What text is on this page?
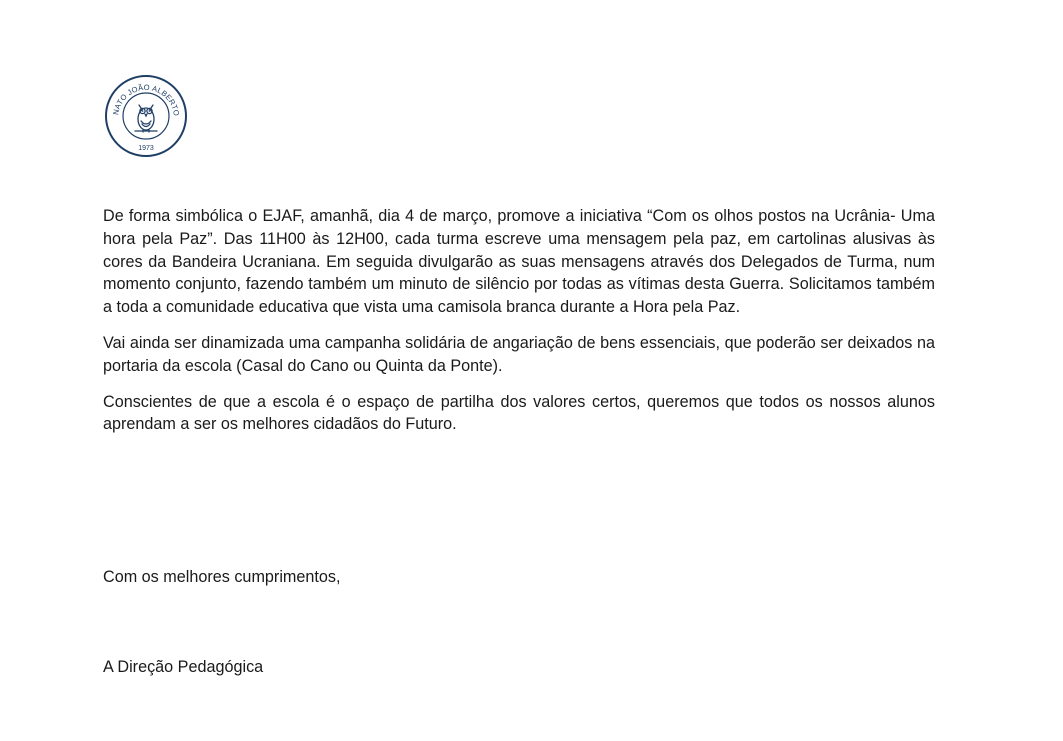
NATO JOÃO ALBERTO
1973

De forma simbólica o EJAF, amanhã, dia 4 de março, promove a iniciativa “Com os olhos postos na Ucrânia- Uma hora pela Paz”. Das 11H00 às 12H00, cada turma escreve uma mensagem pela paz, em cartolinas alusivas às cores da Bandeira Ucraniana. Em seguida divulgarão as suas mensagens através dos Delegados de Turma, num momento conjunto, fazendo também um minuto de silêncio por todas as vítimas desta Guerra. Solicitamos também a toda a comunidade educativa que vista uma camisola branca durante a Hora pela Paz.

Vai ainda ser dinamizada uma campanha solidária de angariação de bens essenciais, que poderão ser deixados na portaria da escola (Casal do Cano ou Quinta da Ponte).

Conscientes de que a escola é o espaço de partilha dos valores certos, queremos que todos os nossos alunos aprendam a ser os melhores cidadãos do Futuro.

Com os melhores cumprimentos,

A Direção Pedagógica
